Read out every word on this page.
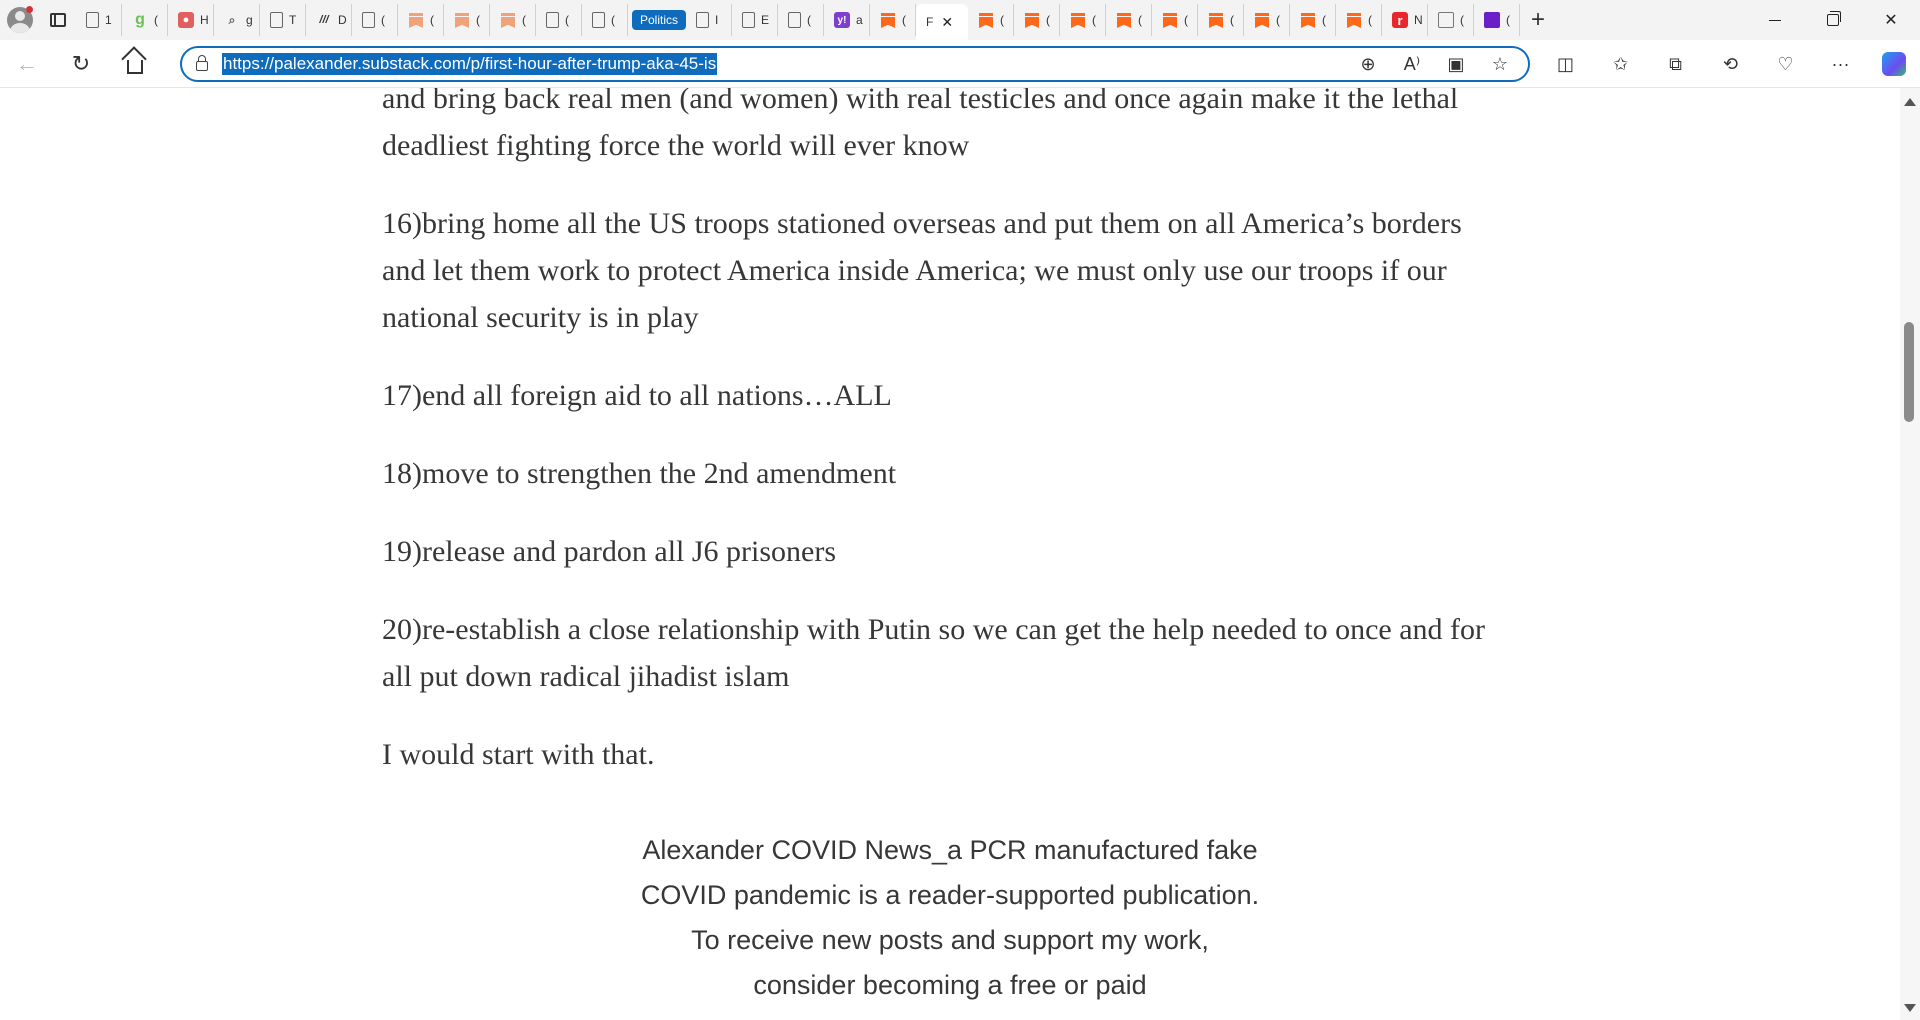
1 g (	● H	⌕ g	T	/// D	(	(	(	(	(	(	Politics	I	E	(	y! a	( F ✕	(	(	(	(	(	(	(	(	(	r N	(	( +	✕
← ↻	https://palexander.substack.com/p/first-hour-after-trump-aka-45-is	⊕ A⁾ ▣ ☆	◫ ✩ ⧉ ⟲ ♡ ···

and bring back real men (and women) with real testicles and once again make it the lethal deadliest fighting force the world will ever know

16)bring home all the US troops stationed overseas and put them on all America’s borders and let them work to protect America inside America; we must only use our troops if our national security is in play

17)end all foreign aid to all nations…ALL

18)move to strengthen the 2nd amendment

19)release and pardon all J6 prisoners

20)re-establish a close relationship with Putin so we can get the help needed to once and for all put down radical jihadist islam

I would start with that.

Alexander COVID News_a PCR manufactured fake COVID pandemic is a reader-supported publication. To receive new posts and support my work, consider becoming a free or paid
